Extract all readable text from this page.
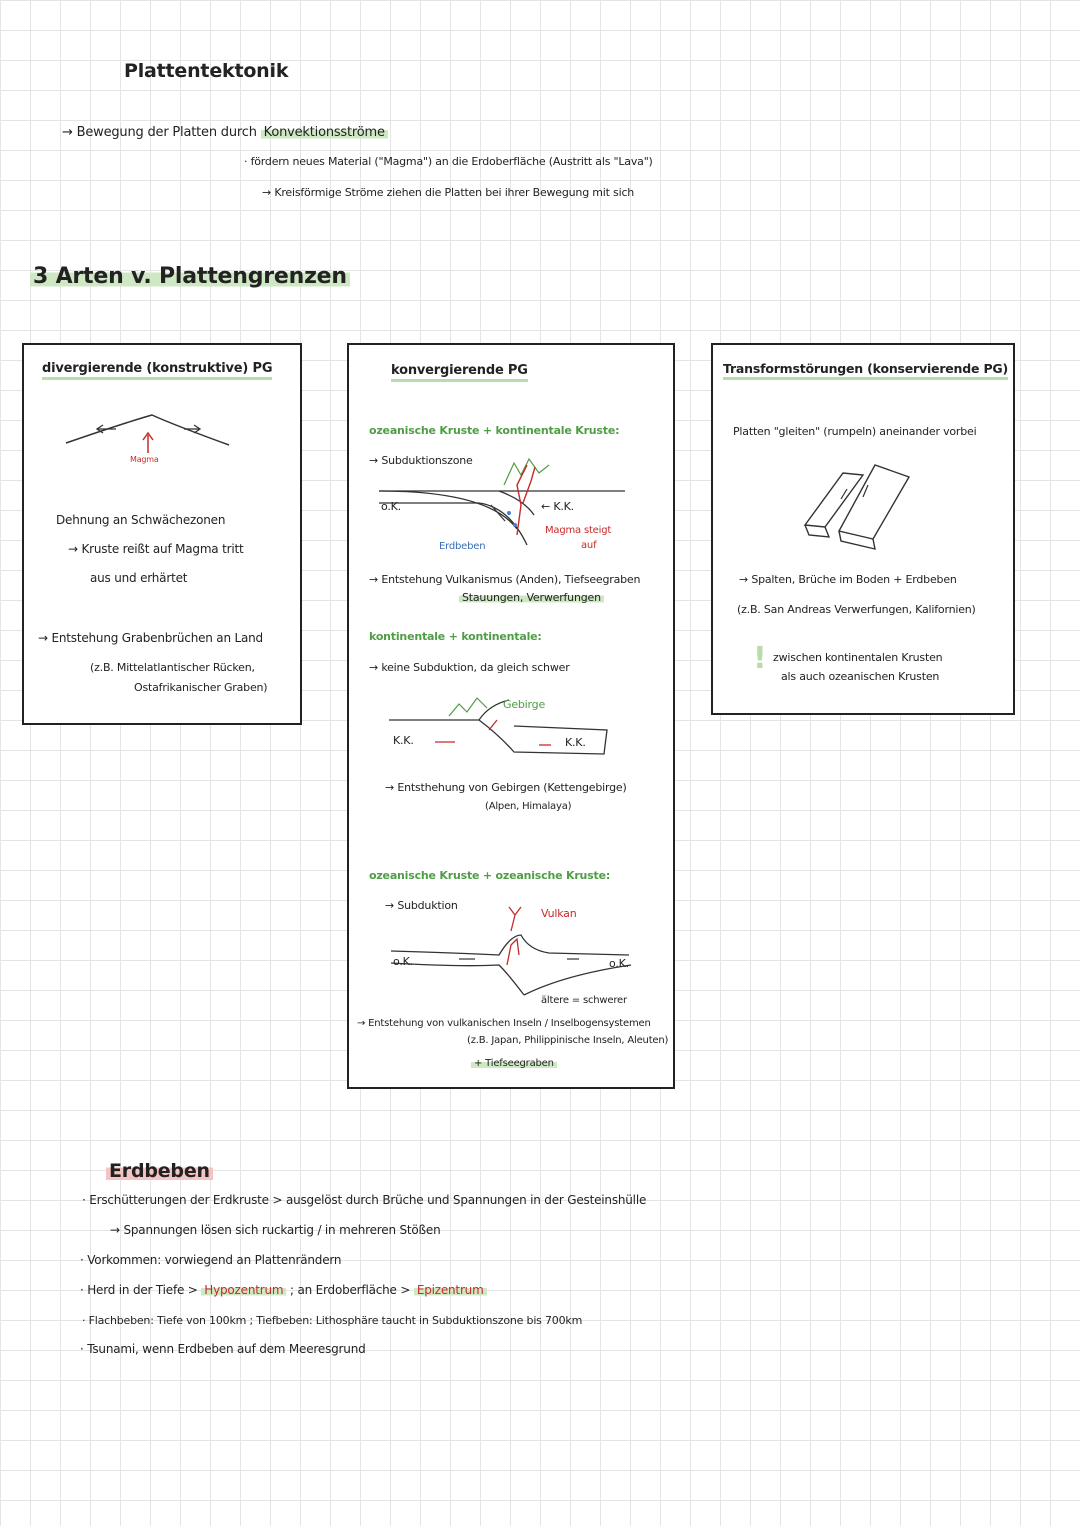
Plattentektonik
→ Bewegung der Platten durch Konvektionsströme
· fördern neues Material ("Magma") an die Erdoberfläche (Austritt als "Lava")
→ Kreisförmige Ströme ziehen die Platten bei ihrer Bewegung mit sich
3 Arten v. Plattengrenzen
divergierende (konstruktive) PG
Magma
Dehnung an Schwächezonen
→ Kruste reißt auf Magma tritt
aus und erhärtet
→ Entstehung Grabenbrüchen an Land
(z.B. Mittelatlantischer Rücken,
Ostafrikanischer Graben)
konvergierende PG
ozeanische Kruste + kontinentale Kruste:
→ Subduktionszone
o.K.	← K.K.
Magma steigt
auf
Erdbeben
→ Entstehung Vulkanismus (Anden), Tiefseegraben
Stauungen, Verwerfungen
kontinentale + kontinentale:
→ keine Subduktion, da gleich schwer
Gebirge
K.K.	K.K.
→ Entsthehung von Gebirgen (Kettengebirge)
(Alpen, Himalaya)
ozeanische Kruste + ozeanische Kruste:
→ Subduktion
Vulkan
o.K.	o.K.
ältere = schwerer
→ Entstehung von vulkanischen Inseln / Inselbogensystemen
(z.B. Japan, Philippinische Inseln, Aleuten)
+ Tiefseegraben
Transformstörungen (konservierende PG)
Platten "gleiten" (rumpeln) aneinander vorbei
→ Spalten, Brüche im Boden + Erdbeben
(z.B. San Andreas Verwerfungen, Kalifornien)
! zwischen kontinentalen Krusten
als auch ozeanischen Krusten
Erdbeben
· Erschütterungen der Erdkruste > ausgelöst durch Brüche und Spannungen in der Gesteinshülle
→ Spannungen lösen sich ruckartig / in mehreren Stößen
· Vorkommen: vorwiegend an Plattenrändern
· Herd in der Tiefe > Hypozentrum ; an Erdoberfläche > Epizentrum
· Flachbeben: Tiefe von 100km ; Tiefbeben: Lithosphäre taucht in Subduktionszone bis 700km
· Tsunami, wenn Erdbeben auf dem Meeresgrund
